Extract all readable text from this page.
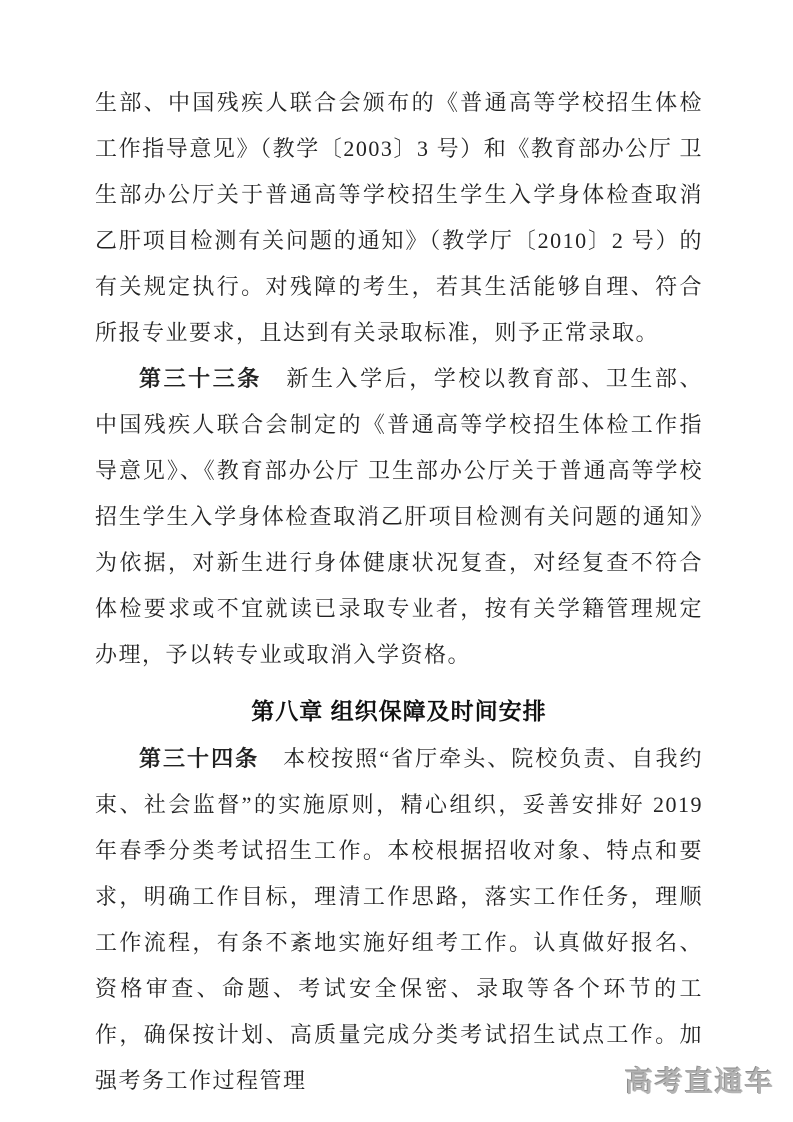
生部、中国残疾人联合会颁布的《普通高等学校招生体检工作指导意见》（教学〔2003〕3 号）和《教育部办公厅 卫生部办公厅关于普通高等学校招生学生入学身体检查取消乙肝项目检测有关问题的通知》（教学厅〔2010〕2 号）的有关规定执行。对残障的考生，若其生活能够自理、符合所报专业要求，且达到有关录取标准，则予正常录取。

第三十三条　新生入学后，学校以教育部、卫生部、中国残疾人联合会制定的《普通高等学校招生体检工作指导意见》、《教育部办公厅 卫生部办公厅关于普通高等学校招生学生入学身体检查取消乙肝项目检测有关问题的通知》为依据，对新生进行身体健康状况复查，对经复查不符合体检要求或不宜就读已录取专业者，按有关学籍管理规定办理，予以转专业或取消入学资格。

第八章 组织保障及时间安排

第三十四条　本校按照“省厅牵头、院校负责、自我约束、社会监督”的实施原则，精心组织，妥善安排好 2019 年春季分类考试招生工作。本校根据招收对象、特点和要求，明确工作目标，理清工作思路，落实工作任务，理顺工作流程，有条不紊地实施好组考工作。认真做好报名、资格审查、命题、考试安全保密、录取等各个环节的工作，确保按计划、高质量完成分类考试招生试点工作。加强考务工作过程管理	高考直通车
